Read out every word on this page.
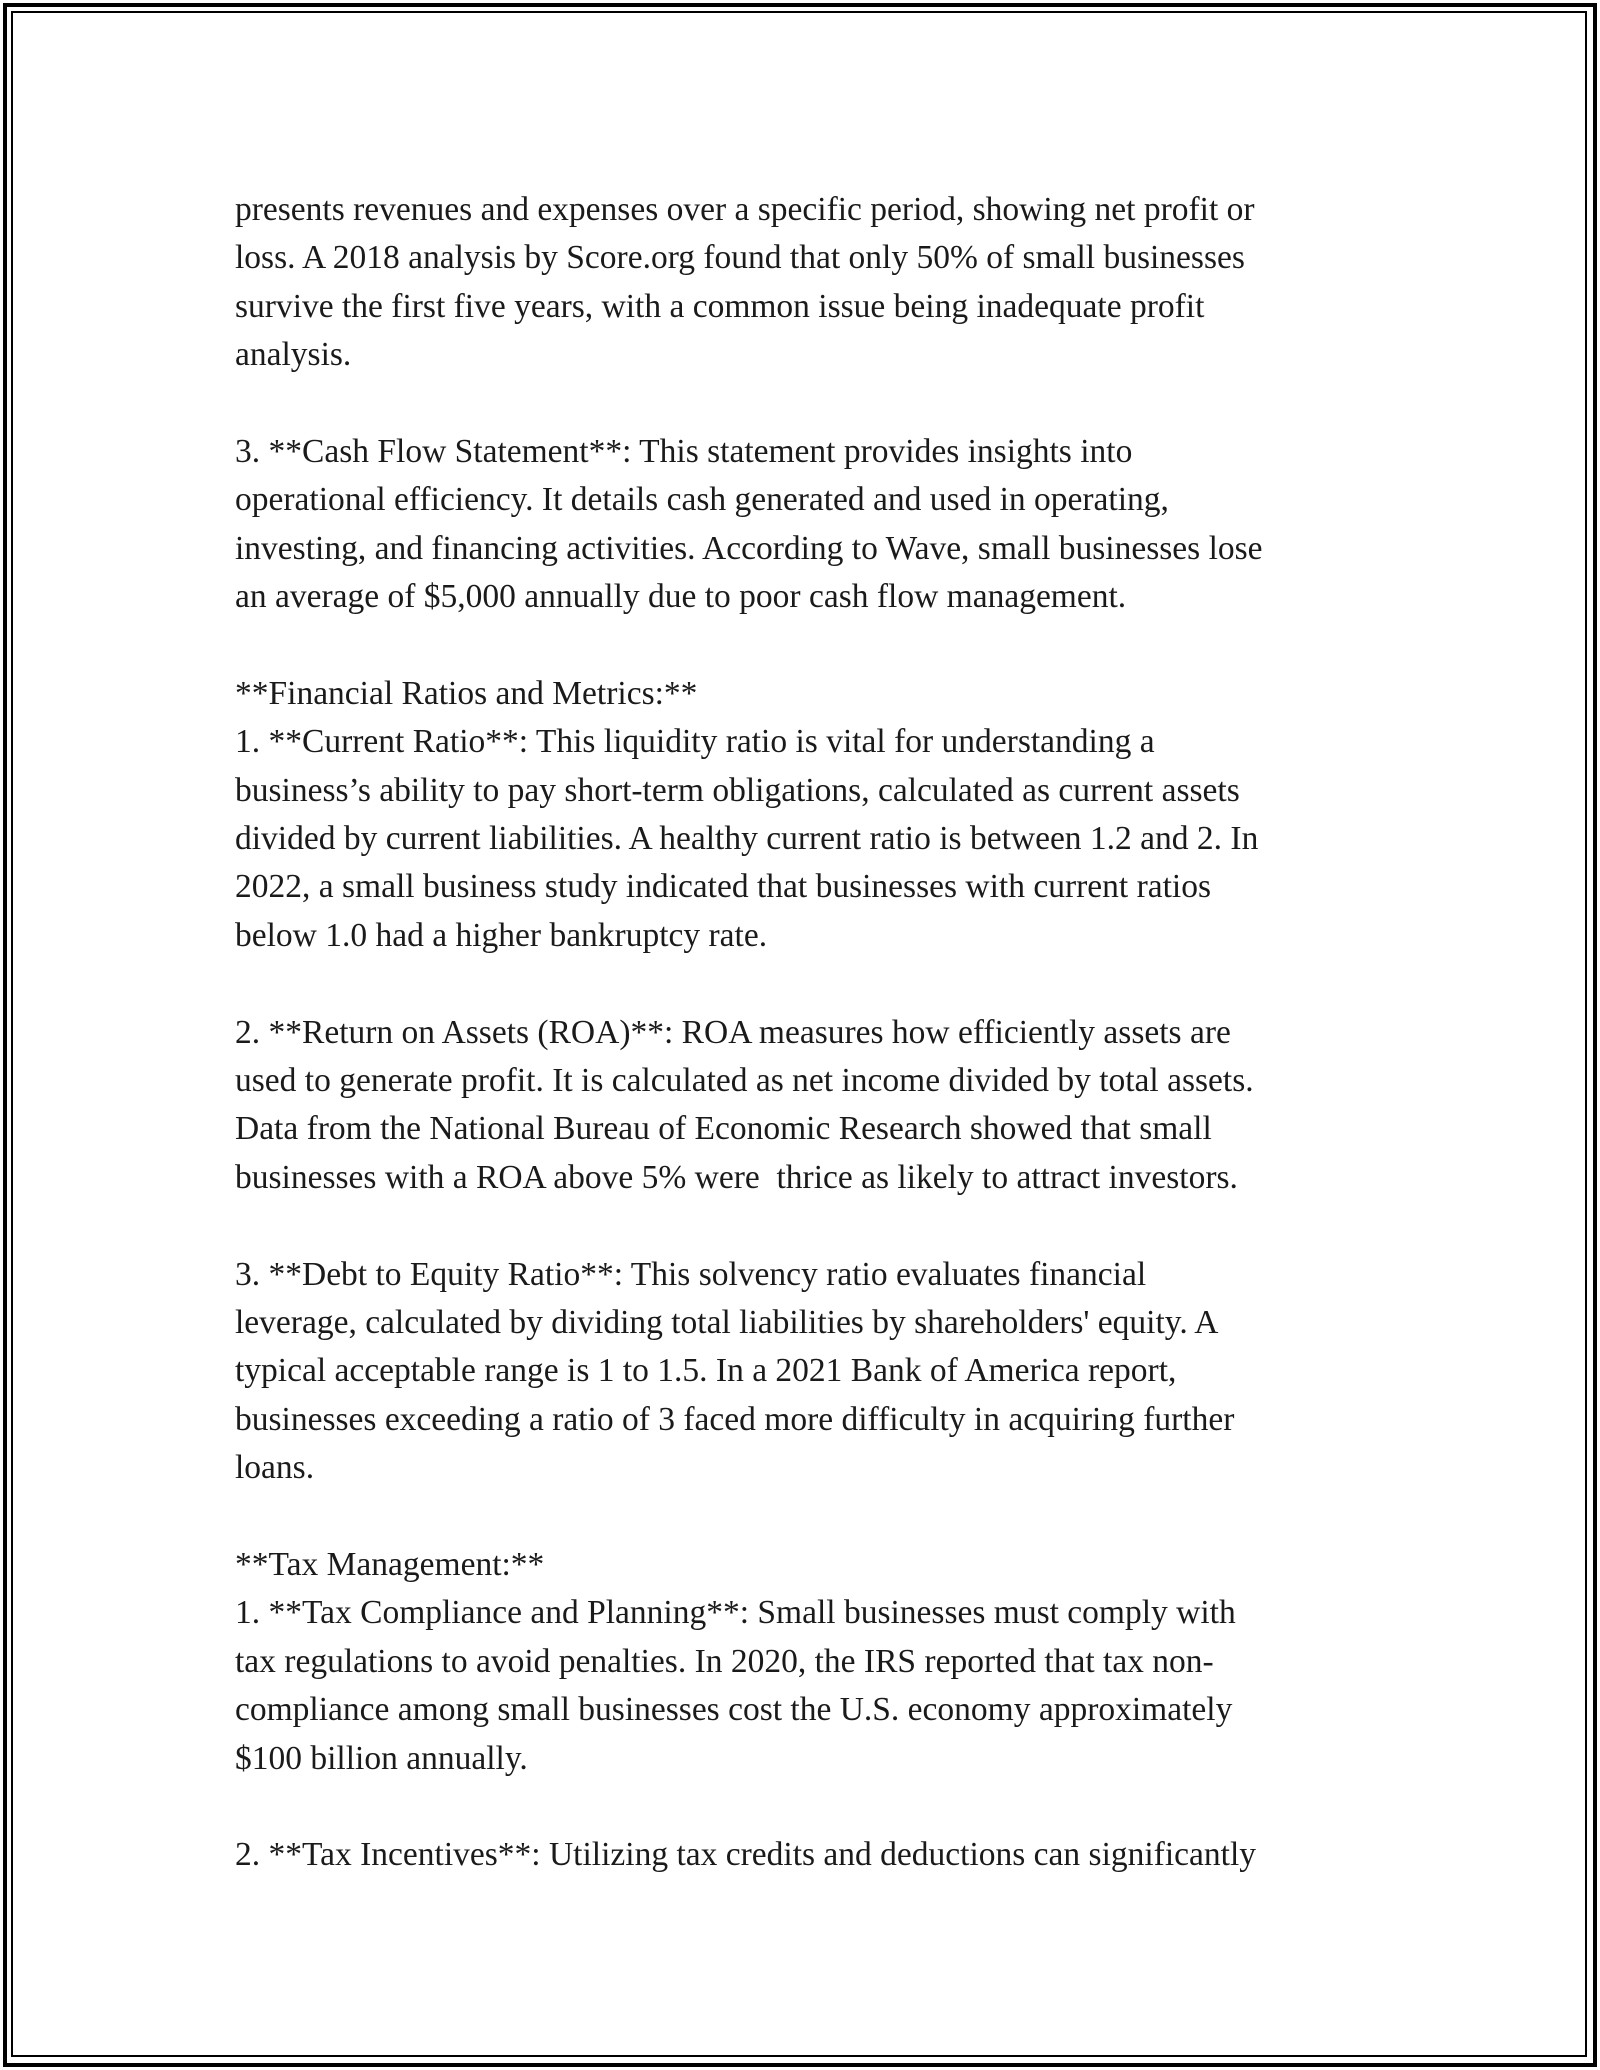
presents revenues and expenses over a specific period, showing net profit or
loss. A 2018 analysis by Score.org found that only 50% of small businesses
survive the first five years, with a common issue being inadequate profit
analysis.
3. **Cash Flow Statement**: This statement provides insights into
operational efficiency. It details cash generated and used in operating,
investing, and financing activities. According to Wave, small businesses lose
an average of $5,000 annually due to poor cash flow management.
**Financial Ratios and Metrics:**
1. **Current Ratio**: This liquidity ratio is vital for understanding a
business’s ability to pay short-term obligations, calculated as current assets
divided by current liabilities. A healthy current ratio is between 1.2 and 2. In
2022, a small business study indicated that businesses with current ratios
below 1.0 had a higher bankruptcy rate.
2. **Return on Assets (ROA)**: ROA measures how efficiently assets are
used to generate profit. It is calculated as net income divided by total assets.
Data from the National Bureau of Economic Research showed that small
businesses with a ROA above 5% were  thrice as likely to attract investors.
3. **Debt to Equity Ratio**: This solvency ratio evaluates financial
leverage, calculated by dividing total liabilities by shareholders' equity. A
typical acceptable range is 1 to 1.5. In a 2021 Bank of America report,
businesses exceeding a ratio of 3 faced more difficulty in acquiring further
loans.
**Tax Management:**
1. **Tax Compliance and Planning**: Small businesses must comply with
tax regulations to avoid penalties. In 2020, the IRS reported that tax non-
compliance among small businesses cost the U.S. economy approximately
$100 billion annually.
2. **Tax Incentives**: Utilizing tax credits and deductions can significantly
